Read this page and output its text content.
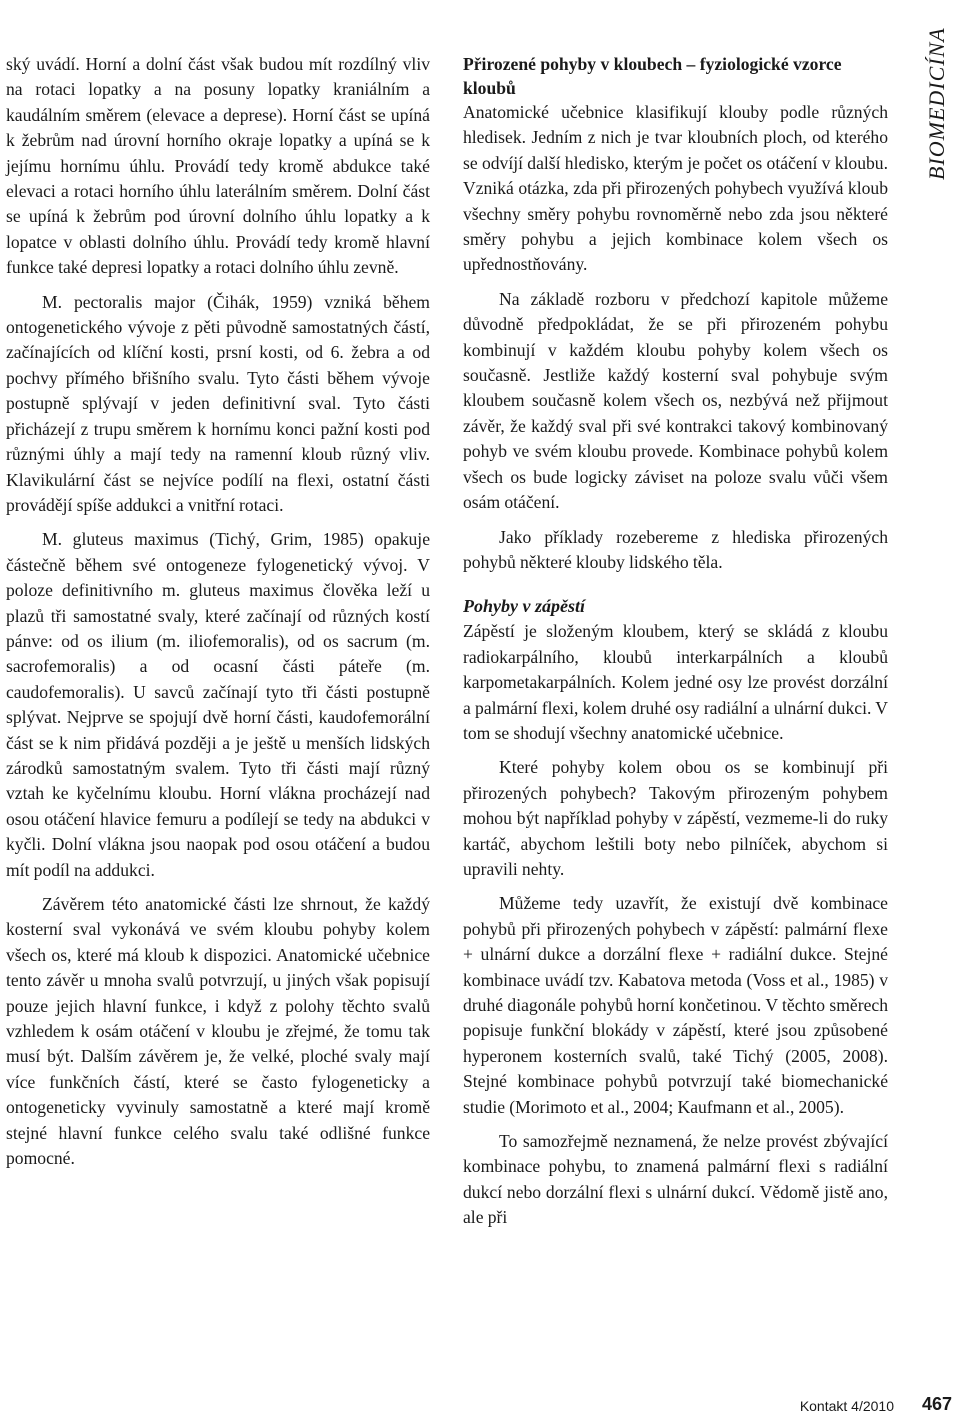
BIOMEDICÍNA

ský uvádí. Horní a dolní část však budou mít rozdílný vliv na rotaci lopatky a na posuny lopatky kraniálním a kaudálním směrem (elevace a deprese). Horní část se upíná k žebrům nad úrovní horního okraje lopatky a upíná se k jejímu hornímu úhlu. Provádí tedy kromě abdukce také elevaci a rotaci horního úhlu laterálním směrem. Dolní část se upíná k žebrům pod úrovní dolního úhlu lopatky a k lopatce v oblasti dolního úhlu. Provádí tedy kromě hlavní funkce také depresi lopatky a rotaci dolního úhlu zevně.

M. pectoralis major (Čihák, 1959) vzniká během ontogenetického vývoje z pěti původně samostatných částí, začínajících od klíční kosti, prsní kosti, od 6. žebra a od pochvy přímého břišního svalu. Tyto části během vývoje postupně splývají v jeden definitivní sval. Tyto části přicházejí z trupu směrem k hornímu konci pažní kosti pod různými úhly a mají tedy na ramenní kloub různý vliv. Klavikulární část se nejvíce podílí na flexi, ostatní části provádějí spíše addukci a vnitřní rotaci.

M. gluteus maximus (Tichý, Grim, 1985) opakuje částečně během své ontogeneze fylogenetický vývoj. V poloze definitivního m. gluteus maximus člověka leží u plazů tři samostatné svaly, které začínají od různých kostí pánve: od os ilium (m. iliofemoralis), od os sacrum (m. sacrofemoralis) a od ocasní části páteře (m. caudofemoralis). U savců začínají tyto tři části postupně splývat. Nejprve se spojují dvě horní části, kaudofemorální část se k nim přidává později a je ještě u menších lidských zárodků samostatným svalem. Tyto tři části mají různý vztah ke kyčelnímu kloubu. Horní vlákna procházejí nad osou otáčení hlavice femuru a podílejí se tedy na abdukci v kyčli. Dolní vlákna jsou naopak pod osou otáčení a budou mít podíl na addukci.

Závěrem této anatomické části lze shrnout, že každý kosterní sval vykonává ve svém kloubu pohyby kolem všech os, které má kloub k dispozici. Anatomické učebnice tento závěr u mnoha svalů potvrzují, u jiných však popisují pouze jejich hlavní funkce, i když z polohy těchto svalů vzhledem k osám otáčení v kloubu je zřejmé, že tomu tak musí být. Dalším závěrem je, že velké, ploché svaly mají více funkčních částí, které se často fylogeneticky a ontogeneticky vyvinuly samostatně a které mají kromě stejné hlavní funkce celého svalu také odlišné funkce pomocné.

Přirozené pohyby v kloubech – fyziologické vzorce kloubů

Anatomické učebnice klasifikují klouby podle různých hledisek. Jedním z nich je tvar kloubních ploch, od kterého se odvíjí další hledisko, kterým je počet os otáčení v kloubu. Vzniká otázka, zda při přirozených pohybech využívá kloub všechny směry pohybu rovnoměrně nebo zda jsou některé směry pohybu a jejich kombinace kolem všech os upřednostňovány.

Na základě rozboru v předchozí kapitole můžeme důvodně předpokládat, že se při přirozeném pohybu kombinují v každém kloubu pohyby kolem všech os současně. Jestliže každý kosterní sval pohybuje svým kloubem současně kolem všech os, nezbývá než přijmout závěr, že každý sval při své kontrakci takový kombinovaný pohyb ve svém kloubu provede. Kombinace pohybů kolem všech os bude logicky záviset na poloze svalu vůči všem osám otáčení.

Jako příklady rozebereme z hlediska přirozených pohybů některé klouby lidského těla.

Pohyby v zápěstí

Zápěstí je složeným kloubem, který se skládá z kloubu radiokarpálního, kloubů interkarpálních a kloubů karpometakarpálních. Kolem jedné osy lze provést dorzální a palmární flexi, kolem druhé osy radiální a ulnární dukci. V tom se shodují všechny anatomické učebnice.

Které pohyby kolem obou os se kombinují při přirozených pohybech? Takovým přirozeným pohybem mohou být například pohyby v zápěstí, vezmeme-li do ruky kartáč, abychom leštili boty nebo pilníček, abychom si upravili nehty.

Můžeme tedy uzavřít, že existují dvě kombinace pohybů při přirozených pohybech v zápěstí: palmární flexe + ulnární dukce a dorzální flexe + radiální dukce. Stejné kombinace uvádí tzv. Kabatova metoda (Voss et al., 1985) v druhé diagonále pohybů horní končetinou. V těchto směrech popisuje funkční blokády v zápěstí, které jsou způsobené hyperonem kosterních svalů, také Tichý (2005, 2008). Stejné kombinace pohybů potvrzují také biomechanické studie (Morimoto et al., 2004; Kaufmann et al., 2005).

To samozřejmě neznamená, že nelze provést zbývající kombinace pohybu, to znamená palmární flexi s radiální dukcí nebo dorzální flexi s ulnární dukcí. Vědomě jistě ano, ale při

Kontakt 4/2010 467
